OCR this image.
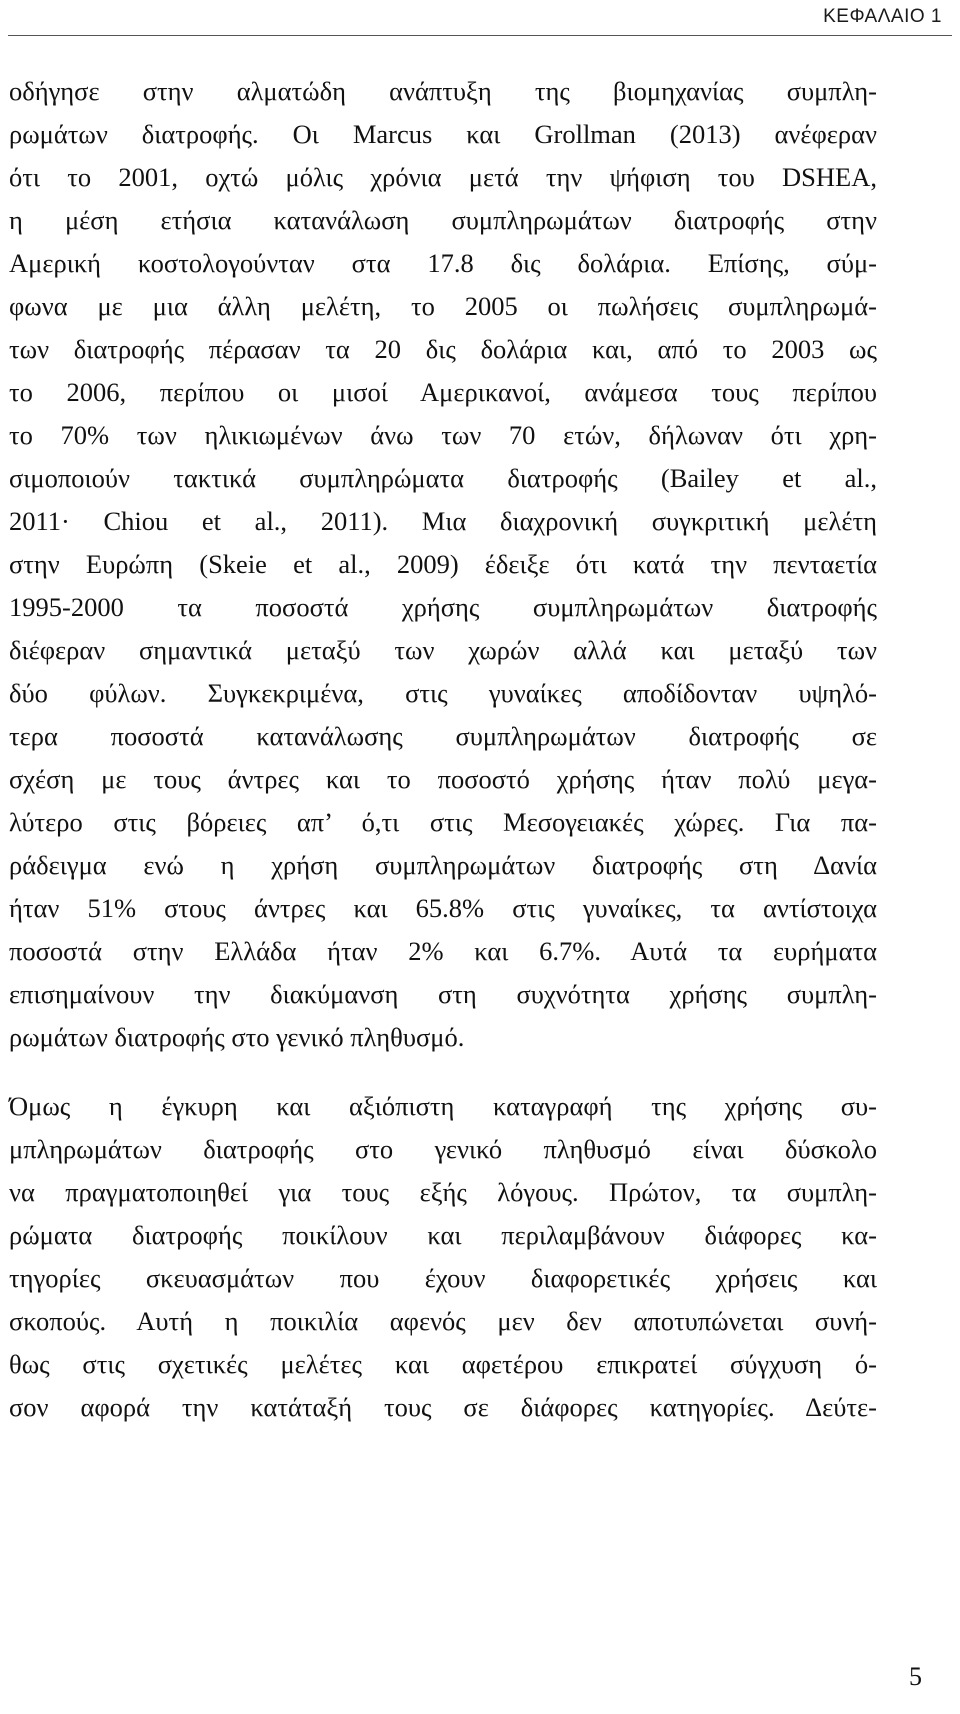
ΚΕΦΑΛΑΙΟ 1
οδήγησε στην αλματώδη ανάπτυξη της βιομηχανίας συμπλη-
ρωμάτων διατροφής. Οι Marcus και Grollman (2013) ανέφεραν
ότι το 2001, οχτώ μόλις χρόνια μετά την ψήφιση του DSHEA,
η μέση ετήσια κατανάλωση συμπληρωμάτων διατροφής στην
Αμερική κοστολογούνταν στα 17.8 δις δολάρια. Επίσης, σύμ-
φωνα με μια άλλη μελέτη, το 2005 οι πωλήσεις συμπληρωμά-
των διατροφής πέρασαν τα 20 δις δολάρια και, από το 2003 ως
το 2006, περίπου οι μισοί Αμερικανοί, ανάμεσα τους περίπου
το 70% των ηλικιωμένων άνω των 70 ετών, δήλωναν ότι χρη-
σιμοποιούν τακτικά συμπληρώματα διατροφής (Bailey et al.,
2011· Chiou et al., 2011). Μια διαχρονική συγκριτική μελέτη
στην Ευρώπη (Skeie et al., 2009) έδειξε ότι κατά την πενταετία
1995-2000 τα ποσοστά χρήσης συμπληρωμάτων διατροφής
διέφεραν σημαντικά μεταξύ των χωρών αλλά και μεταξύ των
δύο φύλων. Συγκεκριμένα, στις γυναίκες αποδίδονταν υψηλό-
τερα ποσοστά κατανάλωσης συμπληρωμάτων διατροφής σε
σχέση με τους άντρες και το ποσοστό χρήσης ήταν πολύ μεγα-
λύτερο στις βόρειες απ’ ό,τι στις Μεσογειακές χώρες. Για πα-
ράδειγμα ενώ η χρήση συμπληρωμάτων διατροφής στη Δανία
ήταν 51% στους άντρες και 65.8% στις γυναίκες, τα αντίστοιχα
ποσοστά στην Ελλάδα ήταν 2% και 6.7%. Αυτά τα ευρήματα
επισημαίνουν την διακύμανση στη συχνότητα χρήσης συμπλη-
ρωμάτων διατροφής στο γενικό πληθυσμό.
Όμως η έγκυρη και αξιόπιστη καταγραφή της χρήσης συ-
μπληρωμάτων διατροφής στο γενικό πληθυσμό είναι δύσκολο
να πραγματοποιηθεί για τους εξής λόγους. Πρώτον, τα συμπλη-
ρώματα διατροφής ποικίλουν και περιλαμβάνουν διάφορες κα-
τηγορίες σκευασμάτων που έχουν διαφορετικές χρήσεις και
σκοπούς. Αυτή η ποικιλία αφενός μεν δεν αποτυπώνεται συνή-
θως στις σχετικές μελέτες και αφετέρου επικρατεί σύγχυση ό-
σον αφορά την κατάταξή τους σε διάφορες κατηγορίες. Δεύτε-
5
